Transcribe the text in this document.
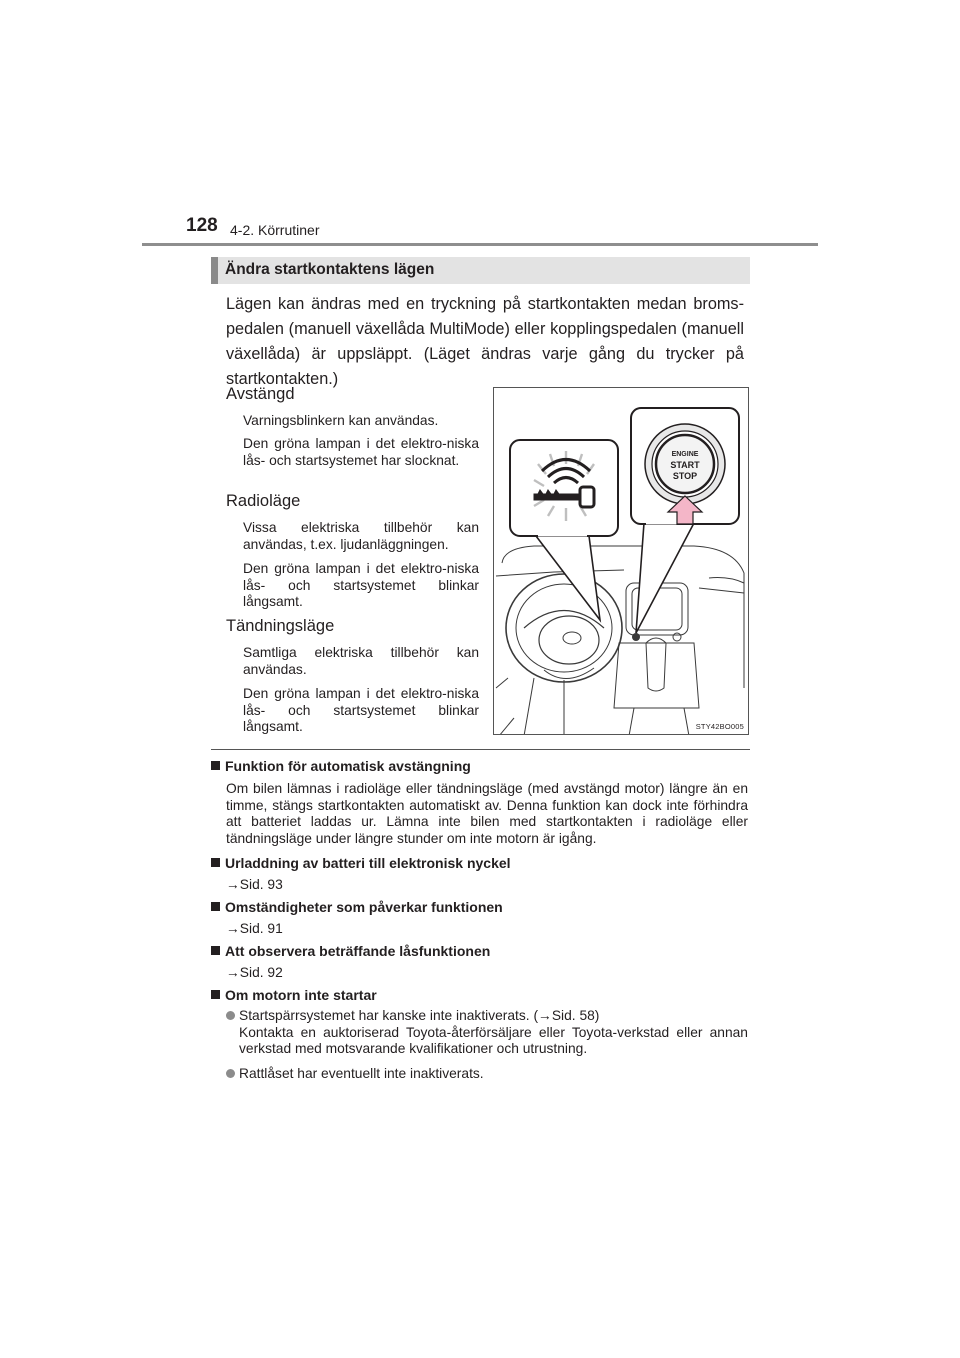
128 4-2. Körrutiner
Ändra startkontaktens lägen
Lägen kan ändras med en tryckning på startkontakten medan broms-pedalen (manuell växellåda MultiMode) eller kopplingspedalen (manuell växellåda) är uppsläppt. (Läget ändras varje gång du trycker på startkontakten.)
Avstängd
Varningsblinkern kan användas.
Den gröna lampan i det elektro-niska lås- och startsystemet har slocknat.
Radioläge
Vissa elektriska tillbehör kan användas, t.ex. ljudanläggningen.
Den gröna lampan i det elektro-niska lås- och startsystemet blinkar långsamt.
Tändningsläge
Samtliga elektriska tillbehör kan användas.
Den gröna lampan i det elektro-niska lås- och startsystemet blinkar långsamt.
ENGINE
START
STOP
STY42BO005
Funktion för automatisk avstängning
Om bilen lämnas i radioläge eller tändningsläge (med avstängd motor) längre än en timme, stängs startkontakten automatiskt av. Denna funktion kan dock inte förhindra att batteriet laddas ur. Lämna inte bilen med startkontakten i radioläge eller tändningsläge under längre stunder om inte motorn är igång.
Urladdning av batteri till elektronisk nyckel
→Sid. 93
Omständigheter som påverkar funktionen
→Sid. 91
Att observera beträffande låsfunktionen
→Sid. 92
Om motorn inte startar
Startspärrsystemet har kanske inte inaktiverats. (→Sid. 58)
Kontakta en auktoriserad Toyota-återförsäljare eller Toyota-verkstad eller annan verkstad med motsvarande kvalifikationer och utrustning.
Rattlåset har eventuellt inte inaktiverats.
